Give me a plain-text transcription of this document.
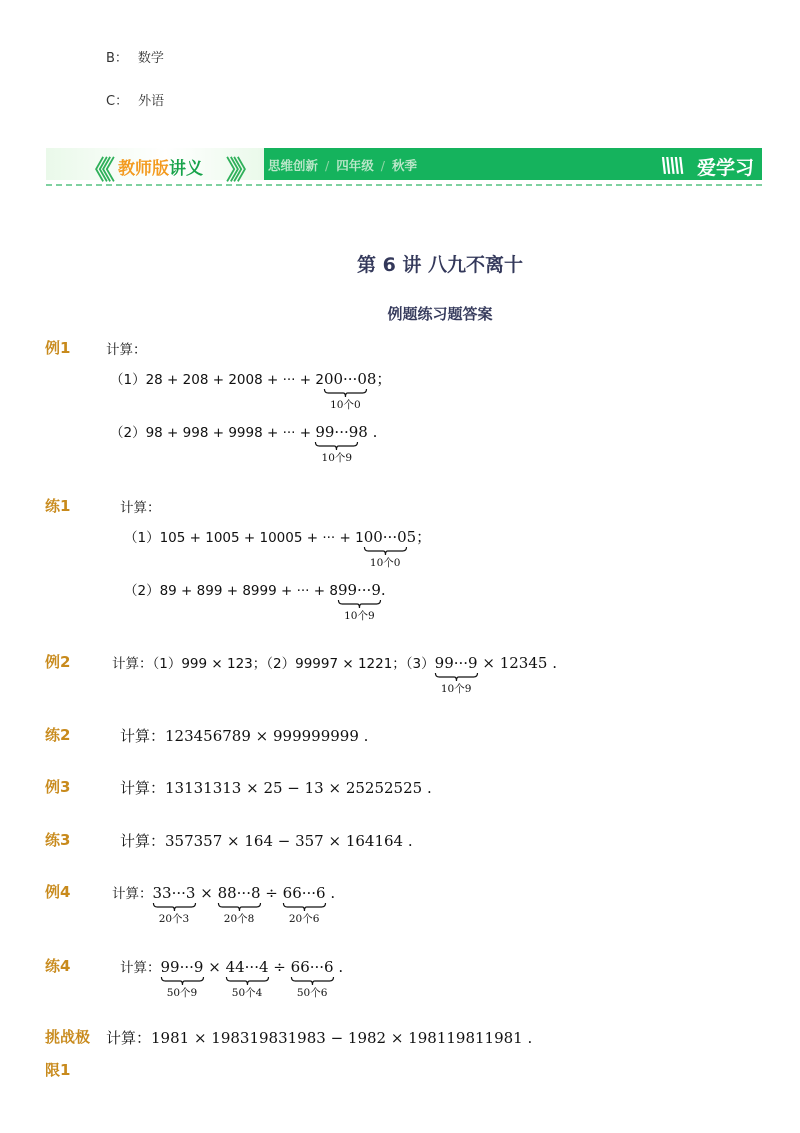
B： 数学
C： 外语
《《	》》
教师版讲义	思维创新 / 四年级 / 秋季	\\\\\ 爱学习
第 6 讲 八九不离十
例题练习题答案
例1	计算：
（1）28 + 208 + 2008 + ··· + 200···0
10个0
8；
（2）98 + 998 + 9998 + ··· + 99···9
10个9
8 .
练1	计算：
（1）105 + 1005 + 10005 + ··· + 100···0
10个0
5；
（2）89 + 899 + 8999 + ··· + 899···9
10个9
.
例2	计算：（1）999 × 123；（2）99997 × 1221；（3）99···9
10个9
× 12345 .
练2	计算：123456789 × 999999999 .
例3	计算：13131313 × 25 − 13 × 25252525 .
练3	计算：357357 × 164 − 357 × 164164 .
例4	计算：33···3
20个3
× 88···8
20个8
÷ 66···6
20个6
.
练4	计算：99···9
50个9
× 44···4
50个4
÷ 66···6
50个6
.
挑战极
限1
计算：1981 × 198319831983 − 1982 × 198119811981 .
